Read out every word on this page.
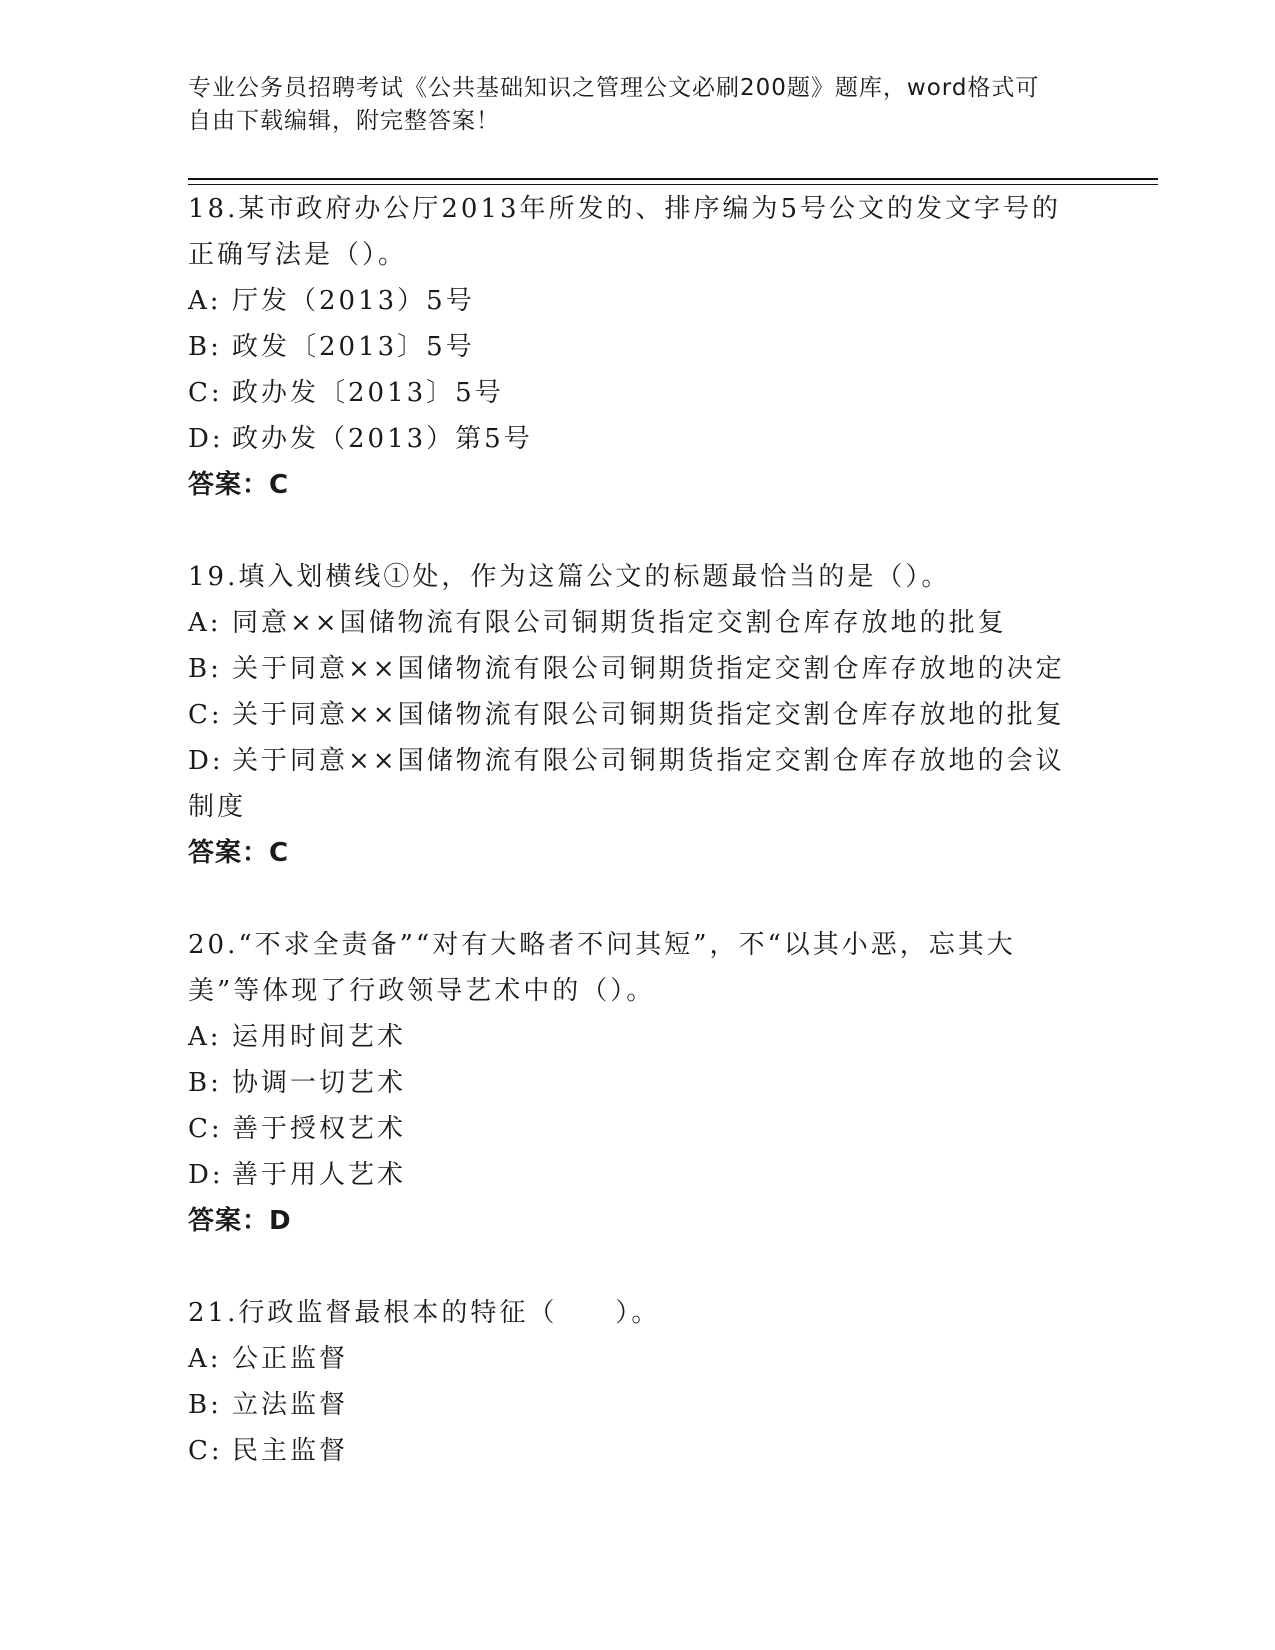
专业公务员招聘考试《公共基础知识之管理公文必刷200题》题库，word格式可
自由下载编辑，附完整答案！

18.某市政府办公厅2013年所发的、排序编为5号公文的发文字号的

正确写法是（）。

A: 厅发（2013）5号

B: 政发〔2013〕5号

C: 政办发〔2013〕5号

D: 政办发（2013）第5号

答案：C

19.填入划横线①处，作为这篇公文的标题最恰当的是（）。

A: 同意××国储物流有限公司铜期货指定交割仓库存放地的批复

B: 关于同意××国储物流有限公司铜期货指定交割仓库存放地的决定

C: 关于同意××国储物流有限公司铜期货指定交割仓库存放地的批复

D: 关于同意××国储物流有限公司铜期货指定交割仓库存放地的会议

制度

答案：C

20.“不求全责备”“对有大略者不问其短”，不“以其小恶，忘其大

美”等体现了行政领导艺术中的（）。

A: 运用时间艺术

B: 协调一切艺术

C: 善于授权艺术

D: 善于用人艺术

答案：D

21.行政监督最根本的特征（　　）。

A: 公正监督

B: 立法监督

C: 民主监督
